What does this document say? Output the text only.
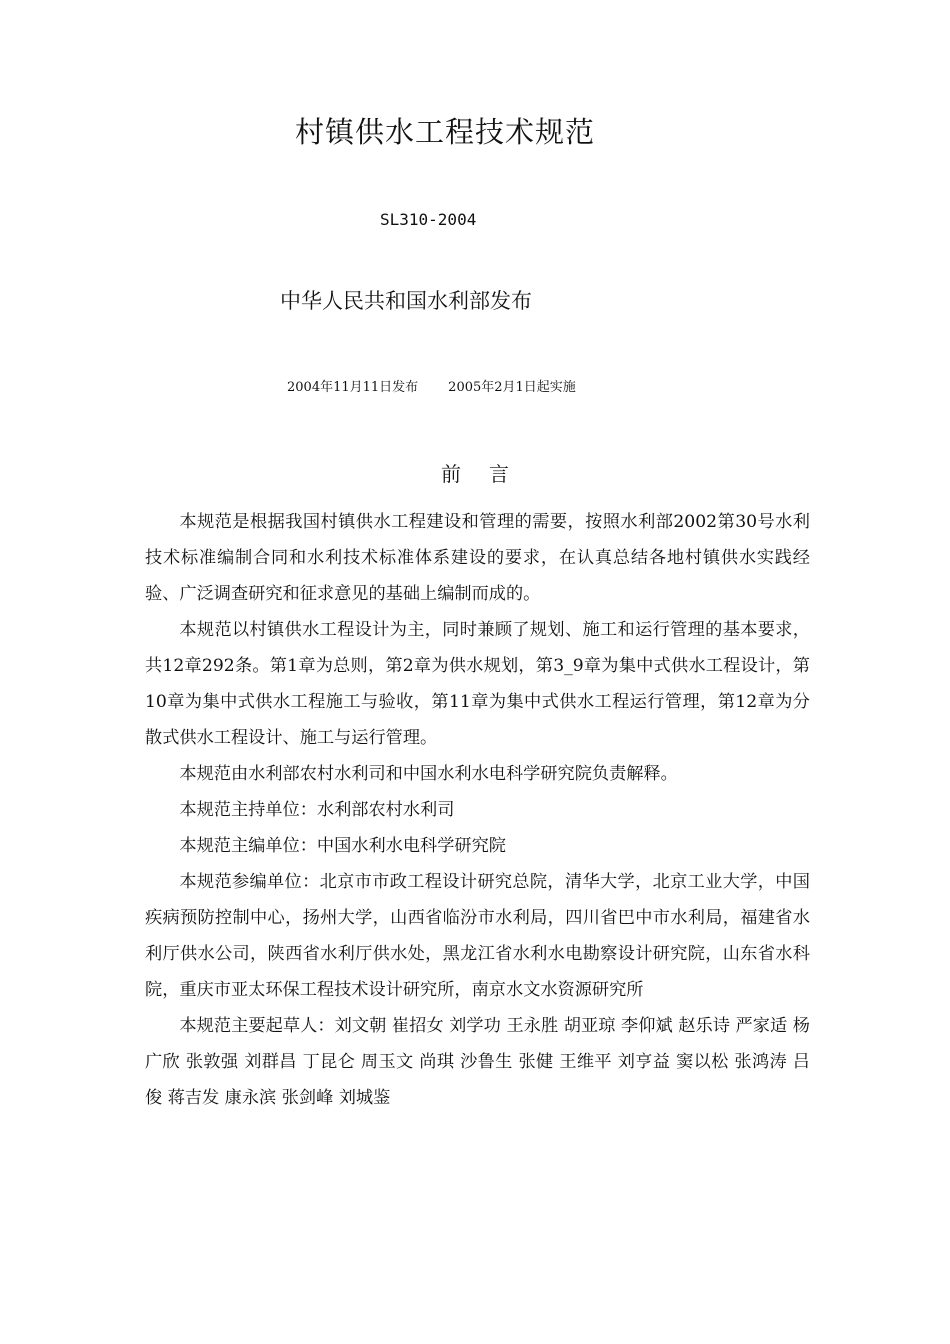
村镇供水工程技术规范
SL310-2004
中华人民共和国水利部发布
2004年11月11日发布 2005年2月1日起实施
前 言

本规范是根据我国村镇供水工程建设和管理的需要，按照水利部2002第30号水利技术标准编制合同和水利技术标准体系建设的要求，在认真总结各地村镇供水实践经验、广泛调查研究和征求意见的基础上编制而成的。

本规范以村镇供水工程设计为主，同时兼顾了规划、施工和运行管理的基本要求，共12章292条。第1章为总则，第2章为供水规划，第3_9章为集中式供水工程设计，第10章为集中式供水工程施工与验收，第11章为集中式供水工程运行管理，第12章为分散式供水工程设计、施工与运行管理。

本规范由水利部农村水利司和中国水利水电科学研究院负责解释。

本规范主持单位：水利部农村水利司

本规范主编单位：中国水利水电科学研究院

本规范参编单位：北京市市政工程设计研究总院，清华大学，北京工业大学，中国疾病预防控制中心，扬州大学，山西省临汾市水利局，四川省巴中市水利局，福建省水利厅供水公司，陕西省水利厅供水处，黑龙江省水利水电勘察设计研究院，山东省水科院，重庆市亚太环保工程技术设计研究所，南京水文水资源研究所

本规范主要起草人：刘文朝 崔招女 刘学功 王永胜 胡亚琼 李仰斌 赵乐诗 严家适 杨广欣 张敦强 刘群昌 丁昆仑 周玉文 尚琪 沙鲁生 张健 王维平 刘亨益 窦以松 张鸿涛 吕俊 蒋吉发 康永滨 张剑峰 刘城鉴
